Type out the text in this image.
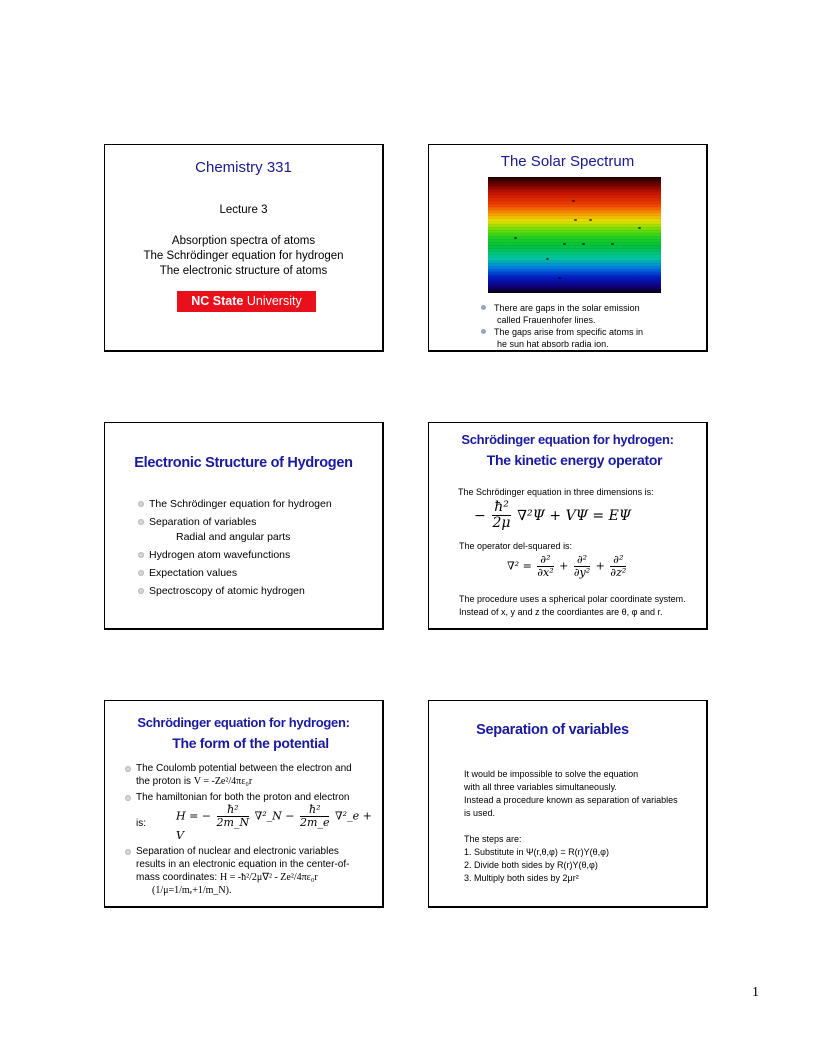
Chemistry 331
Lecture 3
Absorption spectra of atoms
The Schrödinger equation for hydrogen
The electronic structure of atoms
NC State University
The Solar Spectrum
There are gaps in the solar emission
called Frauenhofer lines.
The gaps arise from specific atoms in
he sun hat absorb radia ion.
Electronic Structure of Hydrogen
The Schrödinger equation for hydrogen
Separation of variables
Radial and angular parts
Hydrogen atom wavefunctions
Expectation values
Spectroscopy of atomic hydrogen
Schrödinger equation for hydrogen:
The kinetic energy operator
The Schrödinger equation in three dimensions is:
− $\frac{\text{ħ²}}{2\mu} \nabla^2\Psi + V\Psi = E\Psi$
The operator del-squared is:
$\nabla^2 = \frac{\text{∂²}}{\text{∂x²}} + \frac{\text{∂²}}{\text{∂y²}} + \frac{\text{∂²}}{\text{∂z²}}$
The procedure uses a spherical polar coordinate system.
Instead of x, y and z the coordiantes are θ, φ and r.
Schrödinger equation for hydrogen:
The form of the potential
The Coulomb potential between the electron and
the proton is V = -Ze²/4πε₀r
The hamiltonian for both the proton and electron
is:
H = − $\frac{\text{ħ²}}{2m\_N}$ ∇²_N − $\frac{\text{ħ²}}{2m\_e}$ ∇²_e + V
Separation of nuclear and electronic variables
results in an electronic equation in the center-of-
mass coordinates: H = -ħ²/2μ∇² - Ze²/4πε₀r
(1/μ=1/mₑ+1/m_N).
Separation of variables
It would be impossible to solve the equation
with all three variables simultaneously.
Instead a procedure known as separation of variables
is used.
The steps are:
1. Substitute in Ψ(r,θ,φ) = R(r)Y(θ,φ)
2. Divide both sides by R(r)Y(θ,φ)
3. Multiply both sides by 2μr²
1
